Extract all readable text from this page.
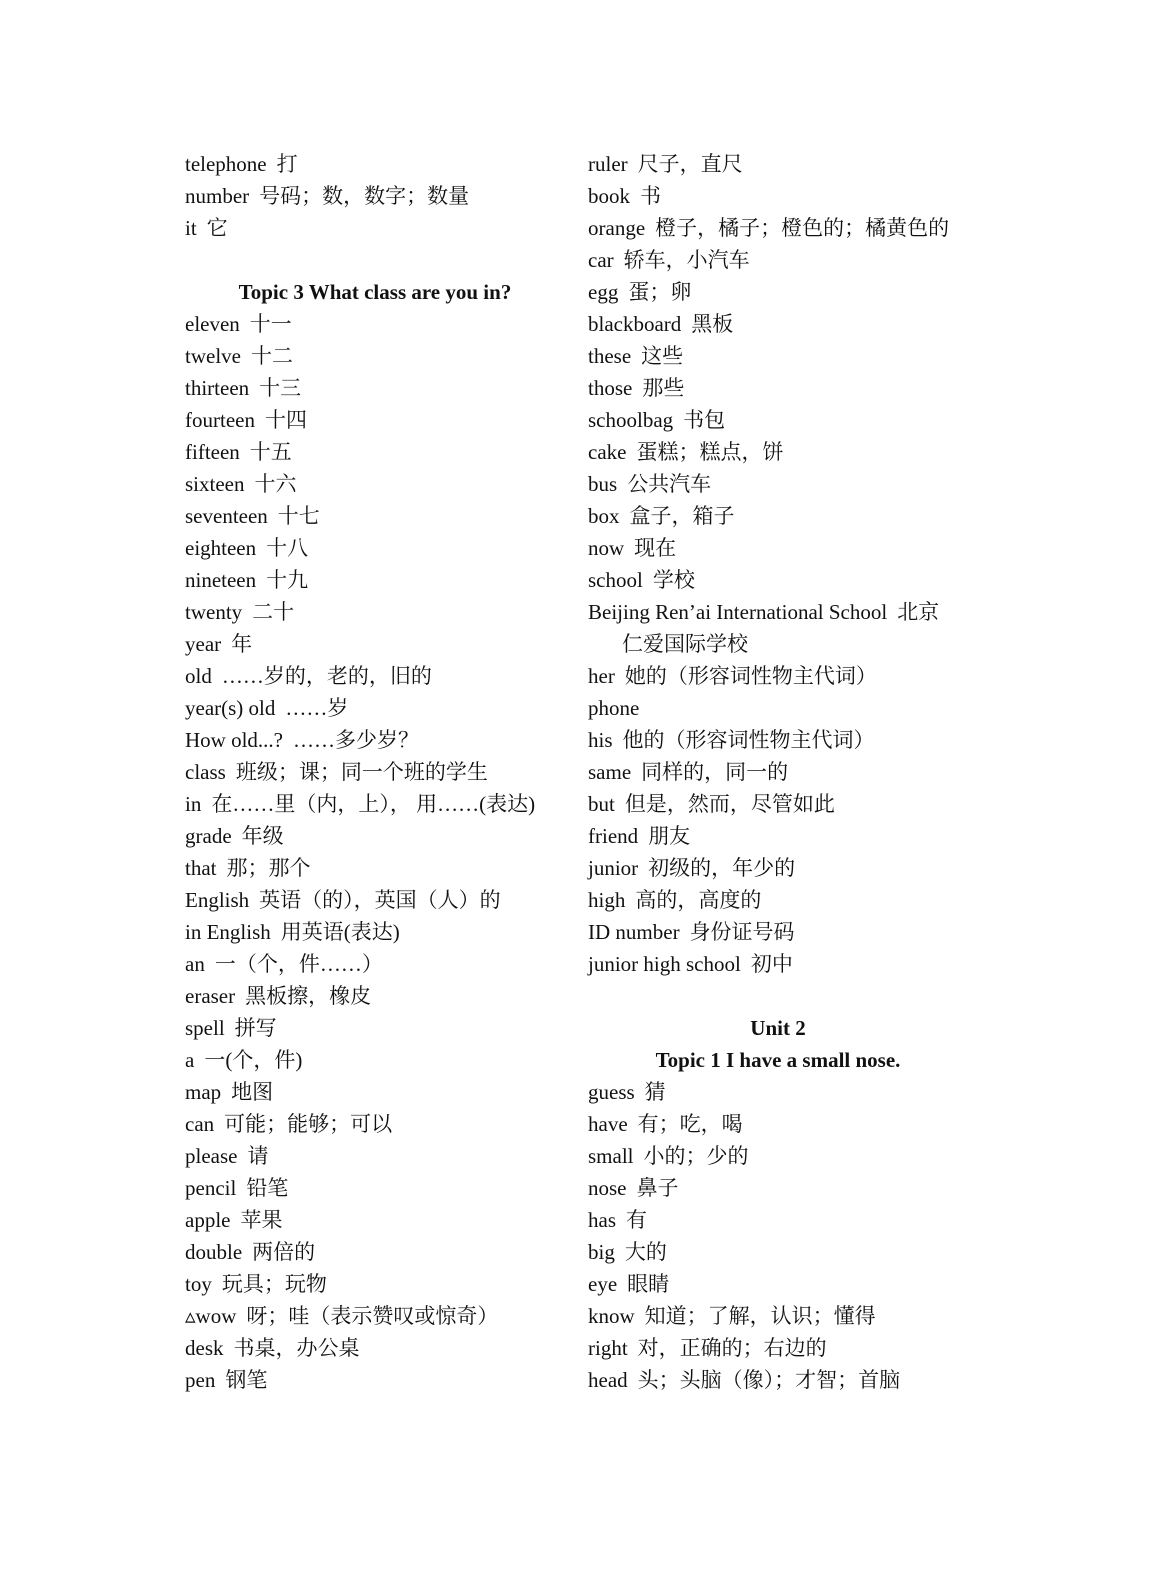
telephone 打
number 号码；数，数字；数量
it 它
Topic 3 What class are you in?
eleven 十一
twelve 十二
thirteen 十三
fourteen 十四
fifteen 十五
sixteen 十六
seventeen 十七
eighteen 十八
nineteen 十九
twenty 二十
year 年
old ……岁的，老的，旧的
year(s) old ……岁
How old...? ……多少岁？
class 班级；课；同一个班的学生
in 在……里（内，上）， 用……(表达)
grade 年级
that 那；那个
English 英语（的），英国（人）的
in English 用英语(表达)
an 一（个，件……）
eraser 黑板擦，橡皮
spell 拼写
a 一(个，件)
map 地图
can 可能；能够；可以
please 请
pencil 铅笔
apple 苹果
double 两倍的
toy 玩具；玩物
▵wow 呀；哇（表示赞叹或惊奇）
desk 书桌，办公桌
pen 钢笔
ruler 尺子，直尺
book 书
orange 橙子，橘子；橙色的；橘黄色的
car 轿车，小汽车
egg 蛋；卵
blackboard 黑板
these 这些
those 那些
schoolbag 书包
cake 蛋糕；糕点，饼
bus 公共汽车
box 盒子，箱子
now 现在
school 学校
Beijing Ren’ai International School 北京
仁爱国际学校
her 她的（形容词性物主代词）
phone
his 他的（形容词性物主代词）
same 同样的，同一的
but 但是，然而，尽管如此
friend 朋友
junior 初级的，年少的
high 高的，高度的
ID number 身份证号码
junior high school 初中
Unit 2
Topic 1 I have a small nose.
guess 猜
have 有；吃，喝
small 小的；少的
nose 鼻子
has 有
big 大的
eye 眼睛
know 知道；了解，认识；懂得
right 对，正确的；右边的
head 头；头脑（像）；才智；首脑
